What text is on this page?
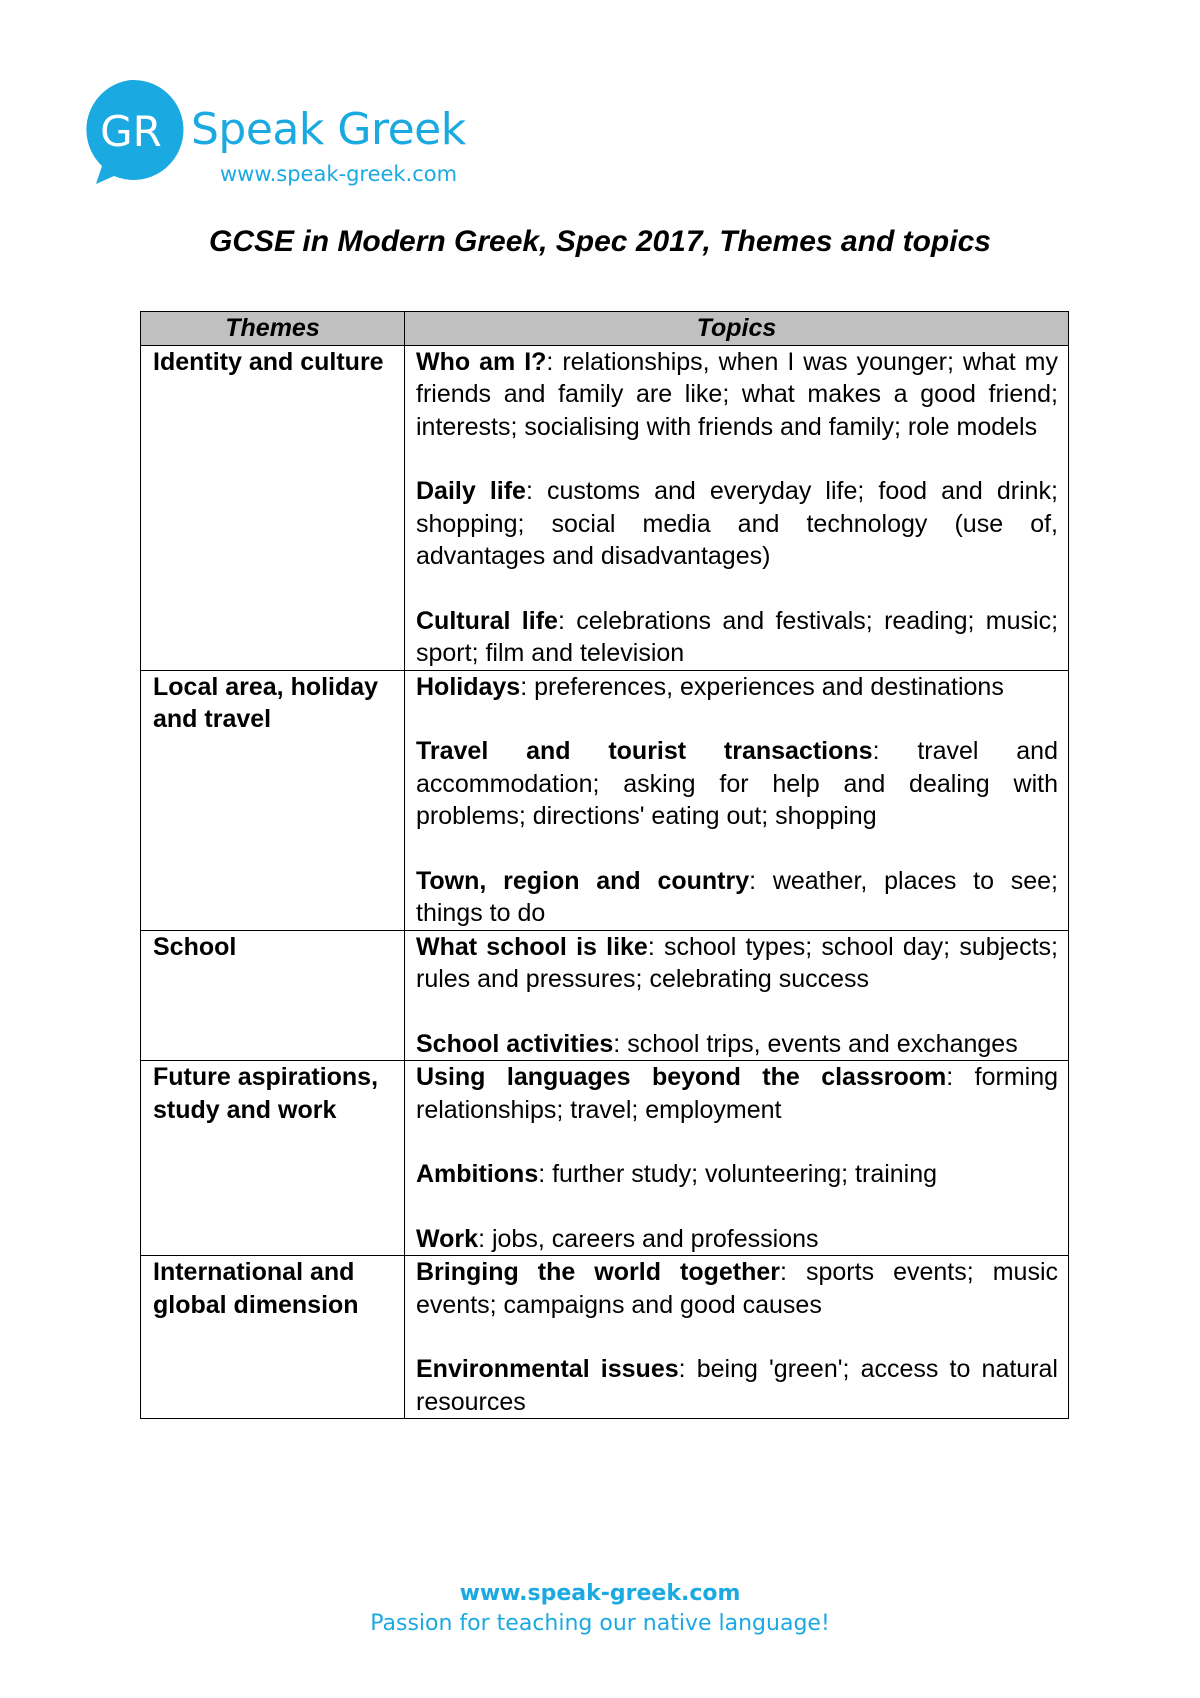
GR Speak Greek
www.speak-greek.com
GCSE in Modern Greek, Spec 2017, Themes and topics
Themes	Topics
Identity and culture	Who am I?: relationships, when I was younger; what my friends and family are like; what makes a good friend; interests; socialising with friends and family; role models
Daily life: customs and everyday life; food and drink; shopping; social media and technology (use of, advantages and disadvantages)
Cultural life: celebrations and festivals; reading; music; sport; film and television

Local area, holiday and travel	Holidays: preferences, experiences and destinations
Travel and tourist transactions: travel and accommodation; asking for help and dealing with problems; directions' eating out; shopping
Town, region and country: weather, places to see; things to do

School	What school is like: school types; school day; subjects; rules and pressures; celebrating success
School activities: school trips, events and exchanges

Future aspirations, study and work	Using languages beyond the classroom: forming relationships; travel; employment
Ambitions: further study; volunteering; training
Work: jobs, careers and professions

International and global dimension	Bringing the world together: sports events; music events; campaigns and good causes
Environmental issues: being 'green'; access to natural resources
www.speak-greek.com
Passion for teaching our native language!
